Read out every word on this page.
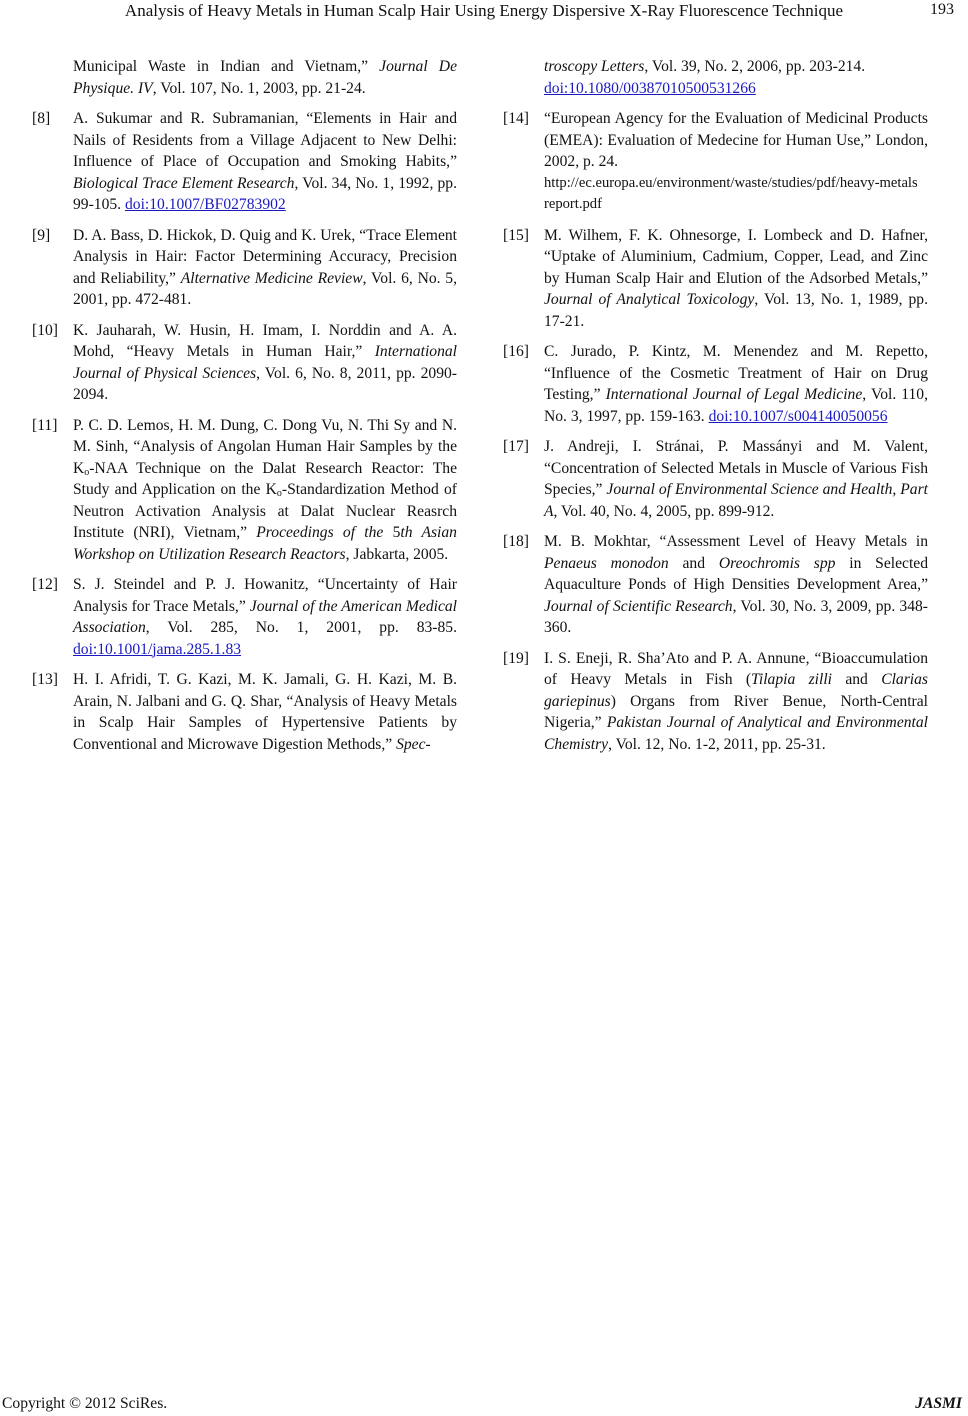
Analysis of Heavy Metals in Human Scalp Hair Using Energy Dispersive X-Ray Fluorescence Technique	193
Municipal Waste in Indian and Vietnam,” Journal De Physique. IV, Vol. 107, No. 1, 2003, pp. 21-24.
[8] A. Sukumar and R. Subramanian, “Elements in Hair and Nails of Residents from a Village Adjacent to New Delhi: Influence of Place of Occupation and Smoking Habits,” Biological Trace Element Research, Vol. 34, No. 1, 1992, pp. 99-105. doi:10.1007/BF02783902
[9] D. A. Bass, D. Hickok, D. Quig and K. Urek, “Trace Element Analysis in Hair: Factor Determining Accuracy, Precision and Reliability,” Alternative Medicine Review, Vol. 6, No. 5, 2001, pp. 472-481.
[10] K. Jauharah, W. Husin, H. Imam, I. Norddin and A. A. Mohd, “Heavy Metals in Human Hair,” International Journal of Physical Sciences, Vol. 6, No. 8, 2011, pp. 2090-2094.
[11] P. C. D. Lemos, H. M. Dung, C. Dong Vu, N. Thi Sy and N. M. Sinh, “Analysis of Angolan Human Hair Samples by the $K_o$-NAA Technique on the Dalat Research Reactor: The Study and Application on the $K_o$-Standardization Method of Neutron Activation Analysis at Dalat Nuclear Reasrch Institute (NRI), Vietnam,” Proceedings of the 5th Asian Workshop on Utilization Research Reactors, Jabkarta, 2005.
[12] S. J. Steindel and P. J. Howanitz, “Uncertainty of Hair Analysis for Trace Metals,” Journal of the American Medical Association, Vol. 285, No. 1, 2001, pp. 83-85. doi:10.1001/jama.285.1.83
[13] H. I. Afridi, T. G. Kazi, M. K. Jamali, G. H. Kazi, M. B. Arain, N. Jalbani and G. Q. Shar, “Analysis of Heavy Metals in Scalp Hair Samples of Hypertensive Patients by Conventional and Microwave Digestion Methods,” Spec-
troscopy Letters, Vol. 39, No. 2, 2006, pp. 203-214.
doi:10.1080/00387010500531266
[14] “European Agency for the Evaluation of Medicinal Products (EMEA): Evaluation of Medecine for Human Use,” London, 2002, p. 24.
http://ec.europa.eu/environment/waste/studies/pdf/heavy-metals report.pdf
[15] M. Wilhem, F. K. Ohnesorge, I. Lombeck and D. Hafner, “Uptake of Aluminium, Cadmium, Copper, Lead, and Zinc by Human Scalp Hair and Elution of the Adsorbed Metals,” Journal of Analytical Toxicology, Vol. 13, No. 1, 1989, pp. 17-21.
[16] C. Jurado, P. Kintz, M. Menendez and M. Repetto, “Influence of the Cosmetic Treatment of Hair on Drug Testing,” International Journal of Legal Medicine, Vol. 110, No. 3, 1997, pp. 159-163. doi:10.1007/s004140050056
[17] J. Andreji, I. Stránai, P. Massányi and M. Valent, “Concentration of Selected Metals in Muscle of Various Fish Species,” Journal of Environmental Science and Health, Part A, Vol. 40, No. 4, 2005, pp. 899-912.
[18] M. B. Mokhtar, “Assessment Level of Heavy Metals in Penaeus monodon and Oreochromis spp in Selected Aquaculture Ponds of High Densities Development Area,” Journal of Scientific Research, Vol. 30, No. 3, 2009, pp. 348-360.
[19] I. S. Eneji, R. Sha’Ato and P. A. Annune, “Bioaccumulation of Heavy Metals in Fish (Tilapia zilli and Clarias gariepinus) Organs from River Benue, North-Central Nigeria,” Pakistan Journal of Analytical and Environmental Chemistry, Vol. 12, No. 1-2, 2011, pp. 25-31.
Copyright © 2012 SciRes.	JASMI
